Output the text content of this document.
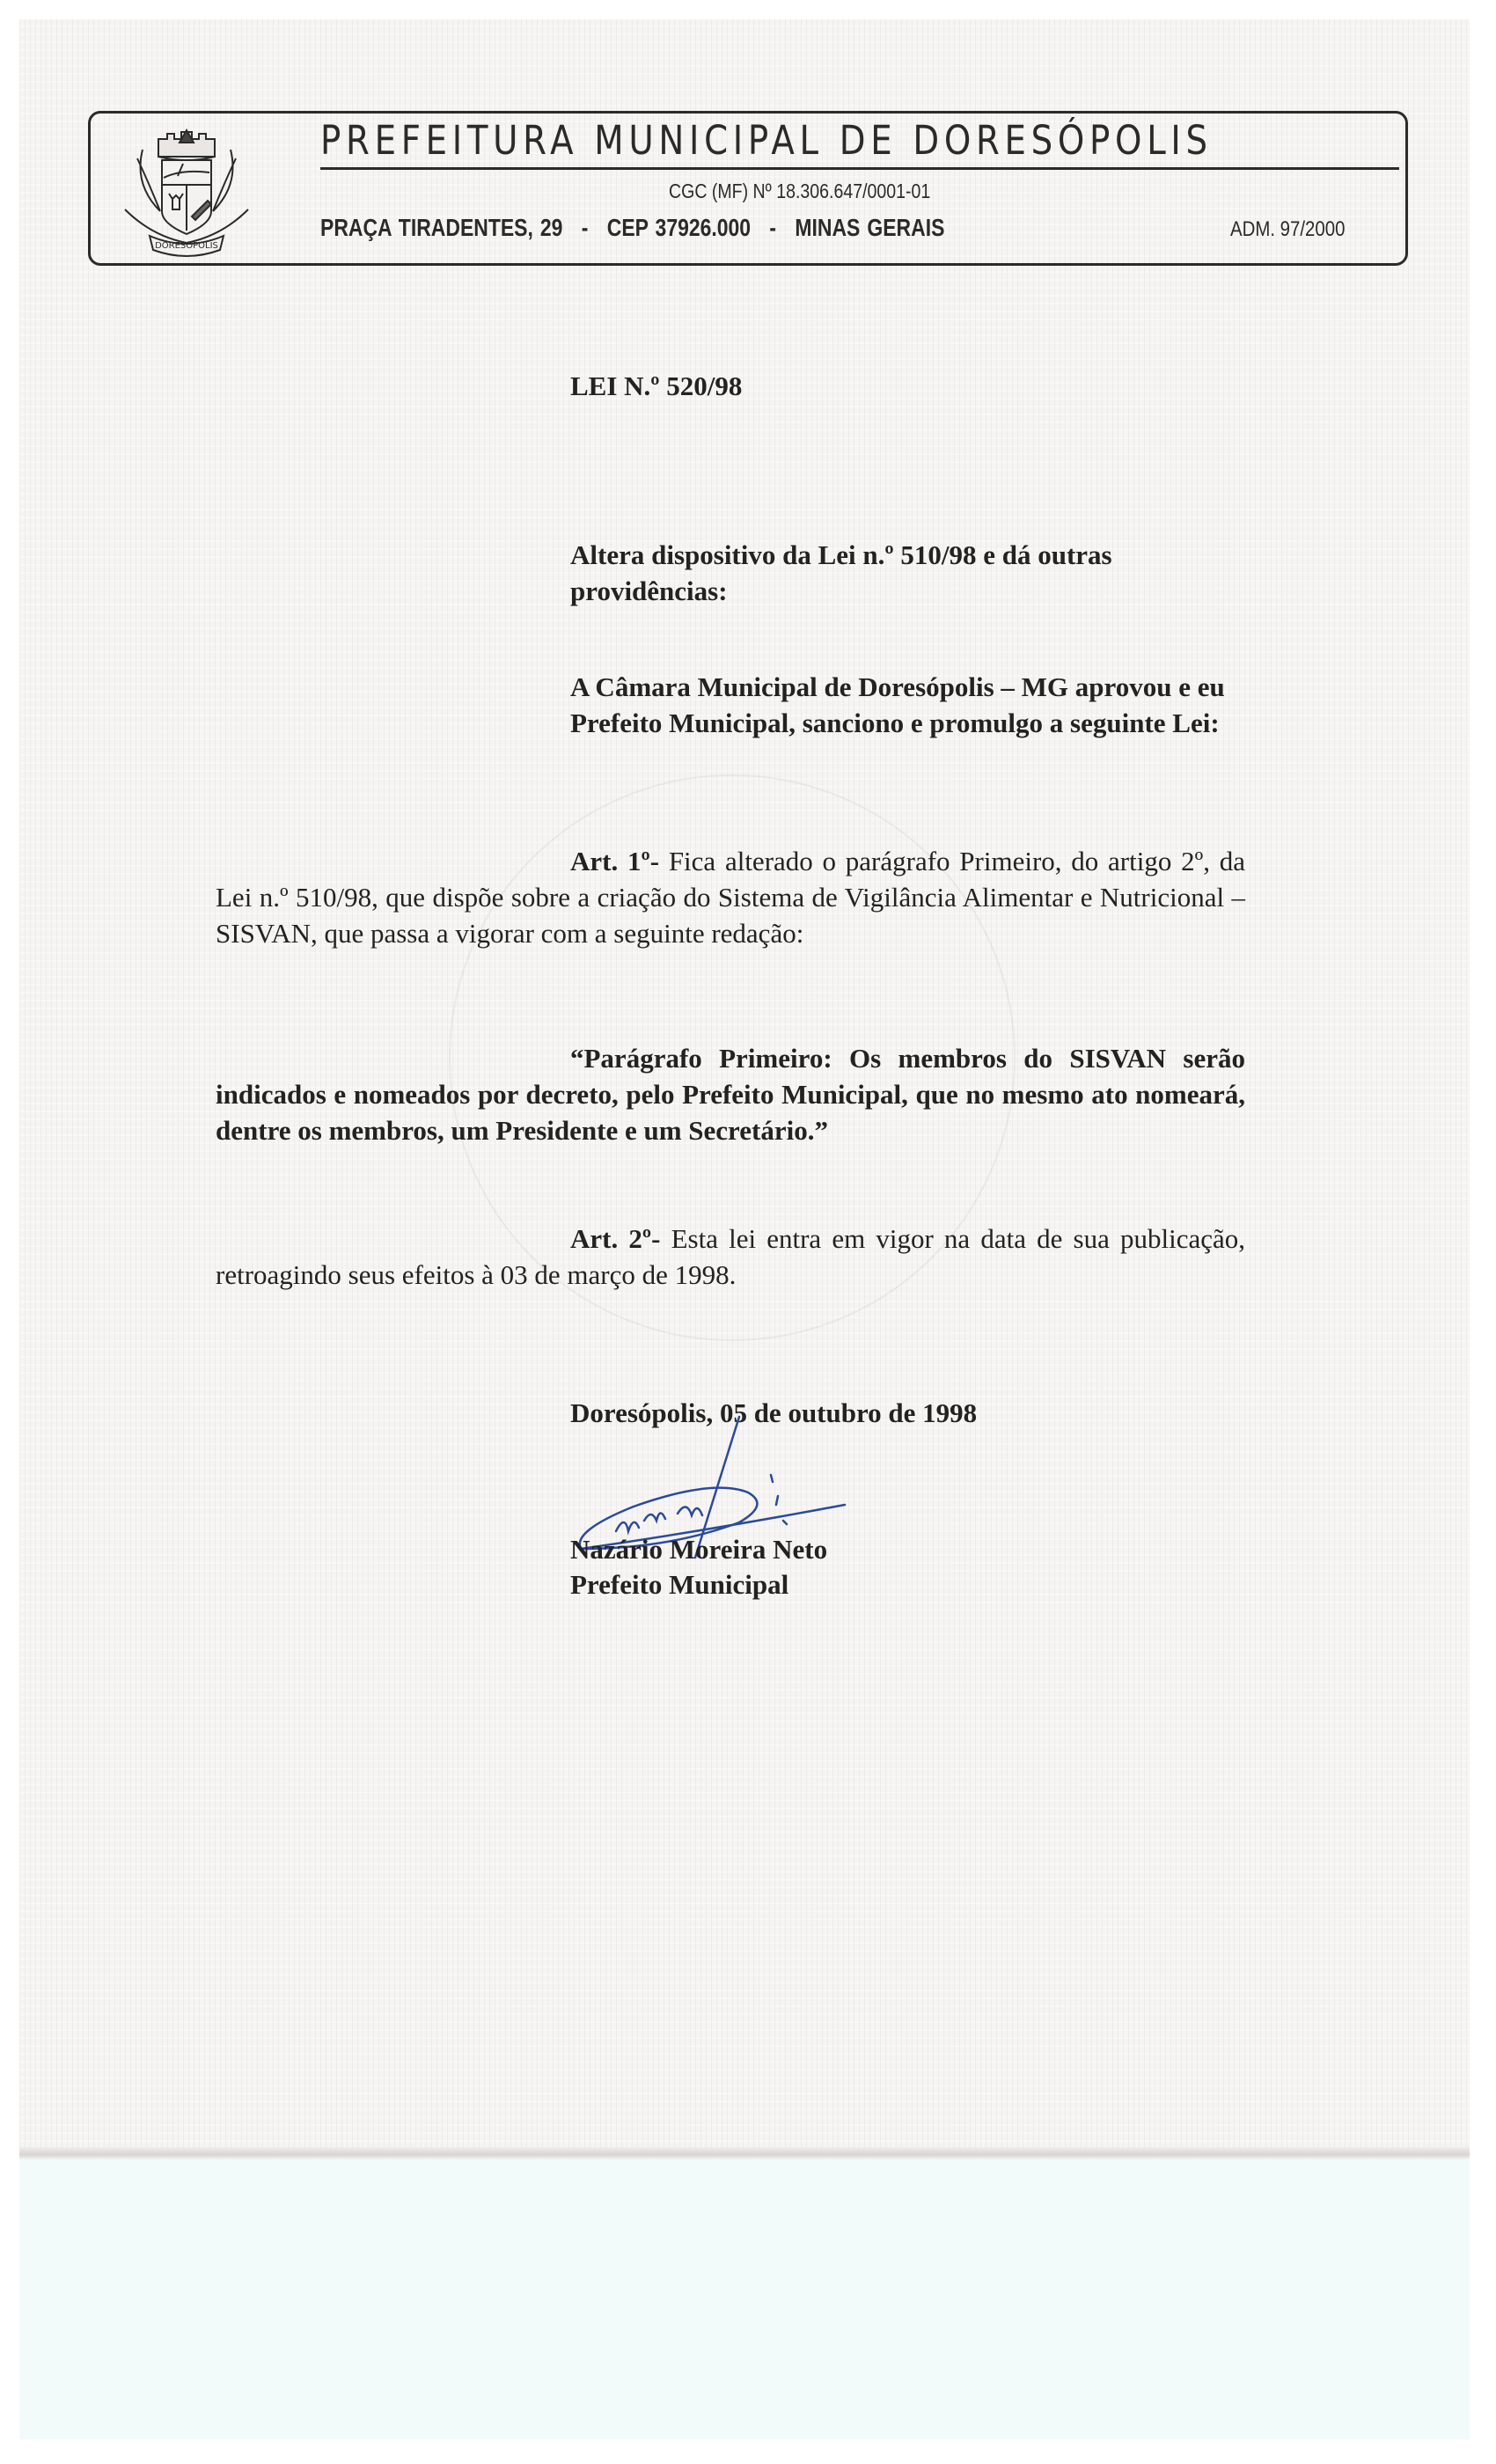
DORESOPOLIS
PREFEITURA MUNICIPAL DE DORESÓPOLIS
CGC (MF) Nº 18.306.647/0001-01
PRAÇA TIRADENTES, 29 - CEP 37926.000 - MINAS GERAIS	ADM. 97/2000

LEI N.º 520/98

Altera dispositivo da Lei n.º 510/98 e dá outras providências:

A Câmara Municipal de Doresópolis – MG aprovou e eu Prefeito Municipal, sanciono e promulgo a seguinte Lei:

Art. 1º- Fica alterado o parágrafo Primeiro, do artigo 2º, da Lei n.º 510/98, que dispõe sobre a criação do Sistema de Vigilância Alimentar e Nutricional – SISVAN, que passa a vigorar com a seguinte redação:

“Parágrafo Primeiro: Os membros do SISVAN serão indicados e nomeados por decreto, pelo Prefeito Municipal, que no mesmo ato nomeará, dentre os membros, um Presidente e um Secretário.”

Art. 2º- Esta lei entra em vigor na data de sua publicação, retroagindo seus efeitos à 03 de março de 1998.

Doresópolis, 05 de outubro de 1998

Nazário Moreira Neto

Prefeito Municipal
